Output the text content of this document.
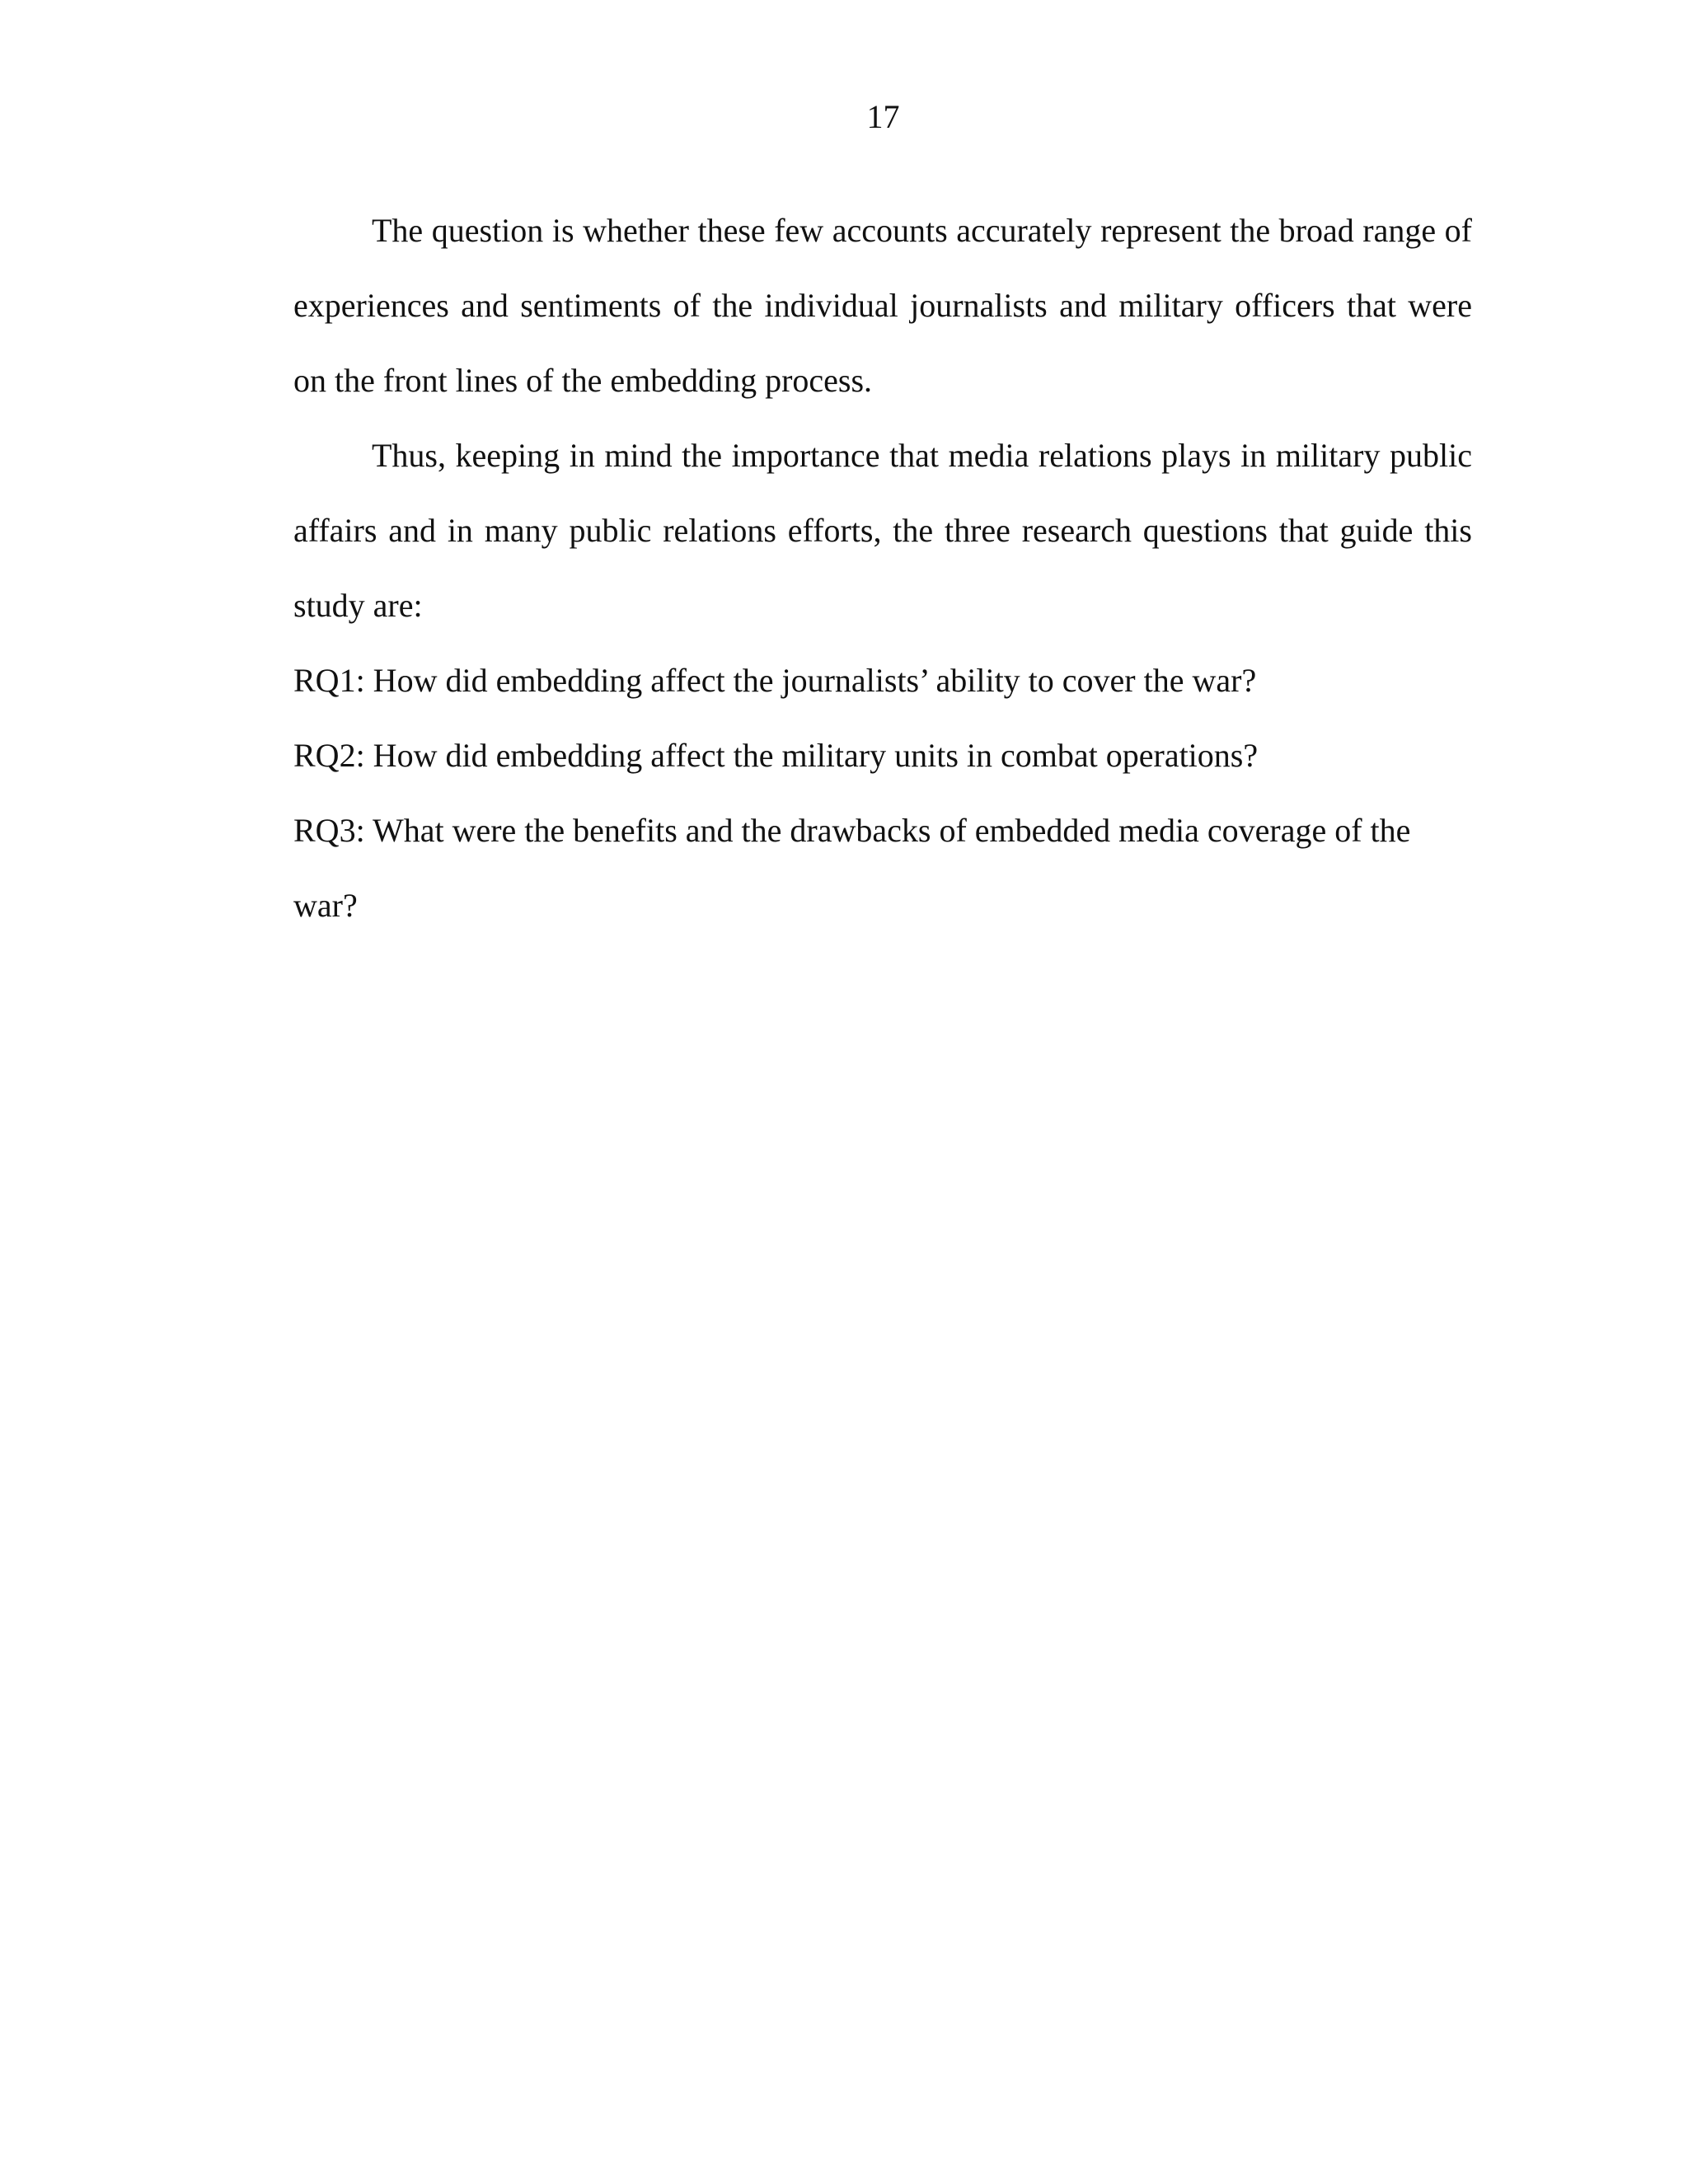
17

The question is whether these few accounts accurately represent the broad range of experiences and sentiments of the individual journalists and military officers that were on the front lines of the embedding process.

Thus, keeping in mind the importance that media relations plays in military public affairs and in many public relations efforts, the three research questions that guide this study are:

RQ1: How did embedding affect the journalists’ ability to cover the war?

RQ2: How did embedding affect the military units in combat operations?

RQ3: What were the benefits and the drawbacks of embedded media coverage of the war?
